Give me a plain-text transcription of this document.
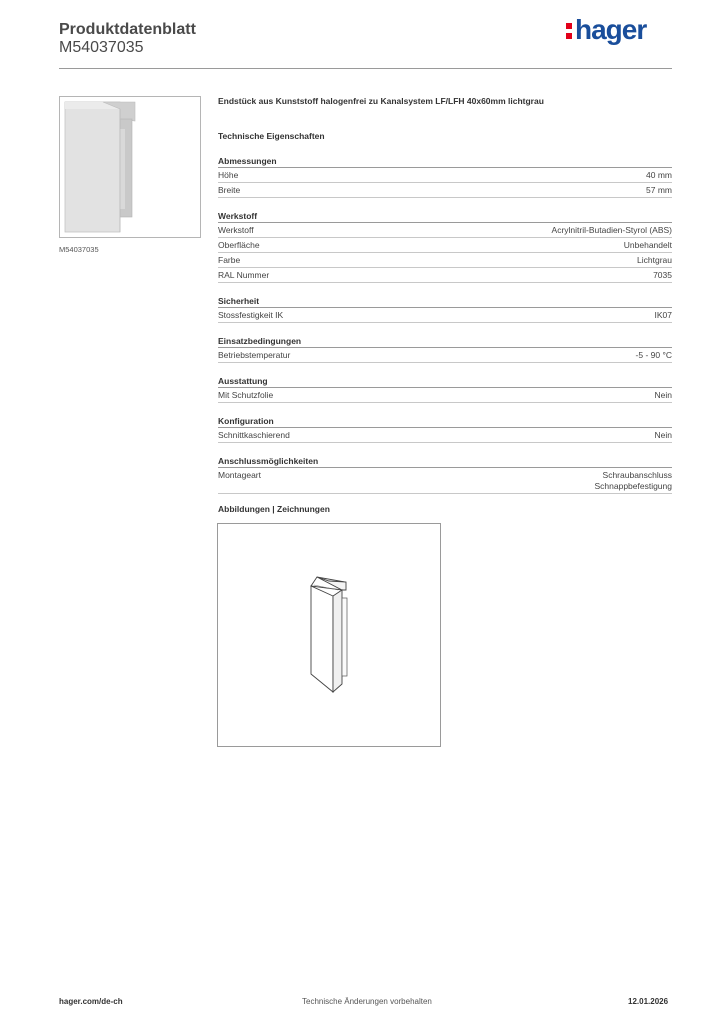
Produktdatenblatt
M54037035
hager
M54037035

Endstück aus Kunststoff halogenfrei zu Kanalsystem LF/LFH 40x60mm lichtgrau

Technische Eigenschaften
Abmessungen
Höhe	40 mm
Breite	57 mm
Werkstoff
Werkstoff	Acrylnitril-Butadien-Styrol (ABS)
Oberfläche	Unbehandelt
Farbe	Lichtgrau
RAL Nummer	7035
Sicherheit
Stossfestigkeit IK	IK07
Einsatzbedingungen
Betriebstemperatur	-5 - 90 °C
Ausstattung
Mit Schutzfolie	Nein
Konfiguration
Schnittkaschierend	Nein
Anschlussmöglichkeiten
Montageart	Schraubanschluss
Schnappbefestigung
Abbildungen | Zeichnungen
hager.com/de-ch	Technische Änderungen vorbehalten	12.01.2026
